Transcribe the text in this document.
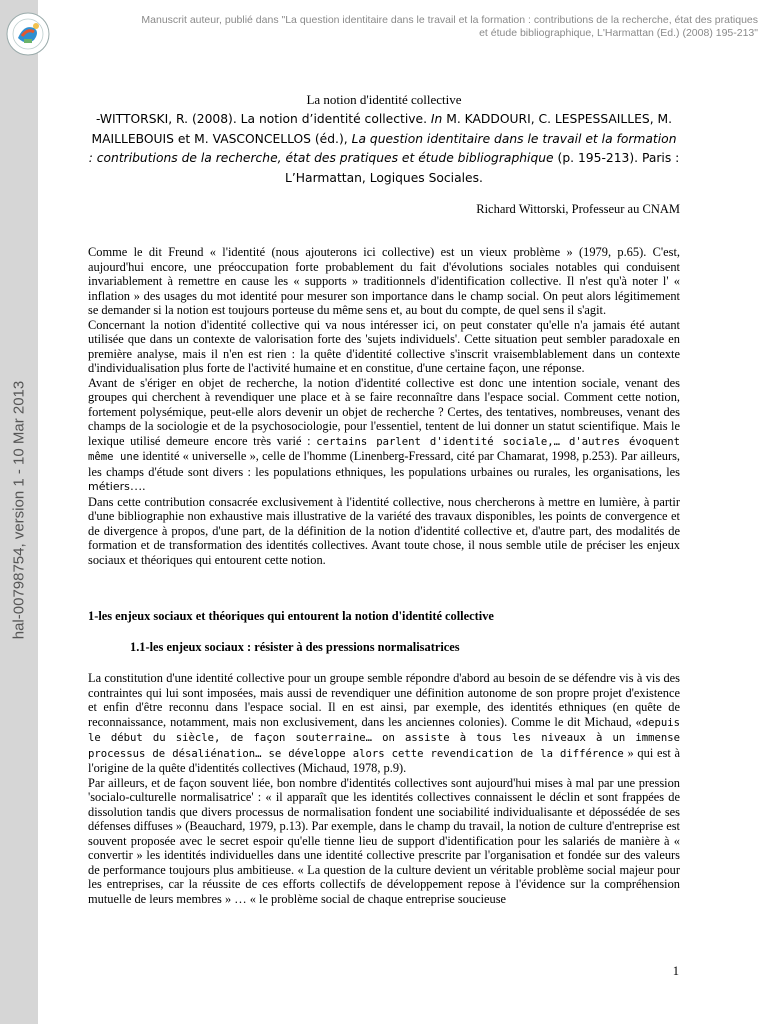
hal-00798754, version 1 - 10 Mar 2013
Manuscrit auteur, publié dans "La question identitaire dans le travail et la formation : contributions de la recherche, état des pratiques
et étude bibliographique, L'Harmattan (Ed.) (2008) 195-213"

La notion d'identité collective

-WITTORSKI, R. (2008). La notion d’identité collective. In M. KADDOURI, C. LESPESSAILLES, M. MAILLEBOUIS et M. VASCONCELLOS (éd.), La question identitaire dans le travail et la formation : contributions de la recherche, état des pratiques et étude bibliographique (p. 195-213). Paris : L’Harmattan, Logiques Sociales.

Richard Wittorski, Professeur au CNAM

Comme le dit Freund « l'identité (nous ajouterons ici collective) est un vieux problème » (1979, p.65). C'est, aujourd'hui encore, une préoccupation forte probablement du fait d'évolutions sociales notables qui conduisent invariablement à remettre en cause les « supports » traditionnels d'identification collective. Il n'est qu'à noter l' « inflation » des usages du mot identité pour mesurer son importance dans le champ social. On peut alors légitimement se demander si la notion est toujours porteuse du même sens et, au bout du compte, de quel sens il s'agit.

Concernant la notion d'identité collective qui va nous intéresser ici, on peut constater qu'elle n'a jamais été autant utilisée que dans un contexte de valorisation forte des 'sujets individuels'. Cette situation peut sembler paradoxale en première analyse, mais il n'en est rien : la quête d'identité collective s'inscrit vraisemblablement dans un contexte d'individualisation plus forte de l'activité humaine et en constitue, d'une certaine façon, une réponse.

Avant de s'ériger en objet de recherche, la notion d'identité collective est donc une intention sociale, venant des groupes qui cherchent à revendiquer une place et à se faire reconnaître dans l'espace social. Comment cette notion, fortement polysémique, peut-elle alors devenir un objet de recherche ? Certes, des tentatives, nombreuses, venant des champs de la sociologie et de la psychosociologie, pour l'essentiel, tentent de lui donner un statut scientifique. Mais le lexique utilisé demeure encore très varié : certains parlent d'identité sociale,… d'autres évoquent même une identité « universelle », celle de l'homme (Linenberg-Fressard, cité par Chamarat, 1998, p.253). Par ailleurs, les champs d'étude sont divers : les populations ethniques, les populations urbaines ou rurales, les organisations, les métiers….

Dans cette contribution consacrée exclusivement à l'identité collective, nous chercherons à mettre en lumière, à partir d'une bibliographie non exhaustive mais illustrative de la variété des travaux disponibles, les points de convergence et de divergence à propos, d'une part, de la définition de la notion d'identité collective et, d'autre part, des modalités de formation et de transformation des identités collectives. Avant toute chose, il nous semble utile de préciser les enjeux sociaux et théoriques qui entourent cette notion.

1-les enjeux sociaux et théoriques qui entourent la notion d'identité collective

1.1-les enjeux sociaux : résister à des pressions normalisatrices

La constitution d'une identité collective pour un groupe semble répondre d'abord au besoin de se défendre vis à vis des contraintes qui lui sont imposées, mais aussi de revendiquer une définition autonome de son propre projet d'existence et enfin d'être reconnu dans l'espace social. Il en est ainsi, par exemple, des identités ethniques (en quête de reconnaissance, notamment, mais non exclusivement, dans les anciennes colonies). Comme le dit Michaud, «depuis le début du siècle, de façon souterraine… on assiste à tous les niveaux à un immense processus de désaliénation… se développe alors cette revendication de la différence » qui est à l'origine de la quête d'identités collectives (Michaud, 1978, p.9).

Par ailleurs, et de façon souvent liée, bon nombre d'identités collectives sont aujourd'hui mises à mal par une pression 'socialo-culturelle normalisatrice' : « il apparaît que les identités collectives connaissent le déclin et sont frappées de dissolution tandis que divers processus de normalisation fondent une sociabilité individualisante et dépossédée de ses défenses diffuses » (Beauchard, 1979, p.13). Par exemple, dans le champ du travail, la notion de culture d'entreprise est souvent proposée avec le secret espoir qu'elle tienne lieu de support d'identification pour les salariés de manière à « convertir » les identités individuelles dans une identité collective prescrite par l'organisation et fondée sur des valeurs de performance toujours plus ambitieuse. « La question de la culture devient un véritable problème social majeur pour les entreprises, car la réussite de ces efforts collectifs de développement repose à l'évidence sur la compréhension mutuelle de leurs membres » … « le problème social de chaque entreprise soucieuse

1
